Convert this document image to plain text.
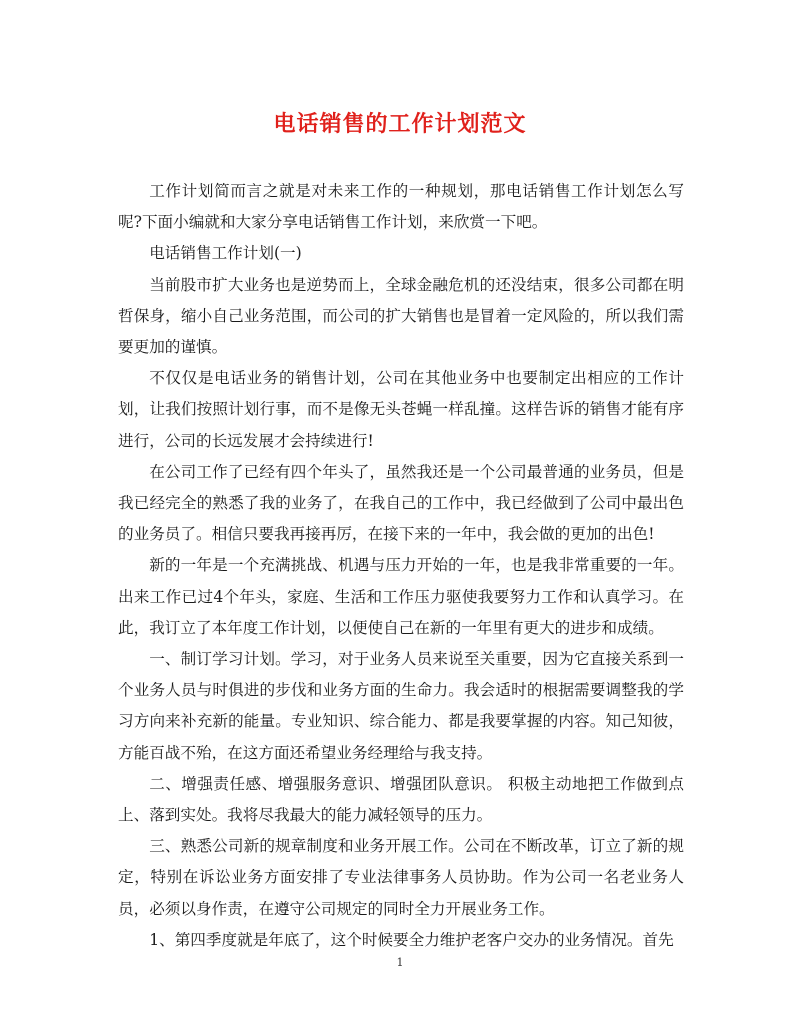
电话销售的工作计划范文

工作计划简而言之就是对未来工作的一种规划，那电话销售工作计划怎么写呢?下面小编就和大家分享电话销售工作计划，来欣赏一下吧。

电话销售工作计划(一)

当前股市扩大业务也是逆势而上，全球金融危机的还没结束，很多公司都在明哲保身，缩小自己业务范围，而公司的扩大销售也是冒着一定风险的，所以我们需要更加的谨慎。

不仅仅是电话业务的销售计划，公司在其他业务中也要制定出相应的工作计划，让我们按照计划行事，而不是像无头苍蝇一样乱撞。这样告诉的销售才能有序进行，公司的长远发展才会持续进行!

在公司工作了已经有四个年头了，虽然我还是一个公司最普通的业务员，但是我已经完全的熟悉了我的业务了，在我自己的工作中，我已经做到了公司中最出色的业务员了。相信只要我再接再厉，在接下来的一年中，我会做的更加的出色!

新的一年是一个充满挑战、机遇与压力开始的一年，也是我非常重要的一年。出来工作已过4个年头，家庭、生活和工作压力驱使我要努力工作和认真学习。在此，我订立了本年度工作计划，以便使自己在新的一年里有更大的进步和成绩。

一、制订学习计划。学习，对于业务人员来说至关重要，因为它直接关系到一个业务人员与时俱进的步伐和业务方面的生命力。我会适时的根据需要调整我的学习方向来补充新的能量。专业知识、综合能力、都是我要掌握的内容。知己知彼，方能百战不殆，在这方面还希望业务经理给与我支持。

二、增强责任感、增强服务意识、增强团队意识。 积极主动地把工作做到点上、落到实处。我将尽我最大的能力减轻领导的压力。

三、熟悉公司新的规章制度和业务开展工作。公司在不断改革，订立了新的规定，特别在诉讼业务方面安排了专业法律事务人员协助。作为公司一名老业务人员，必须以身作责，在遵守公司规定的同时全力开展业务工作。

1、第四季度就是年底了，这个时候要全力维护老客户交办的业务情况。首先

1
